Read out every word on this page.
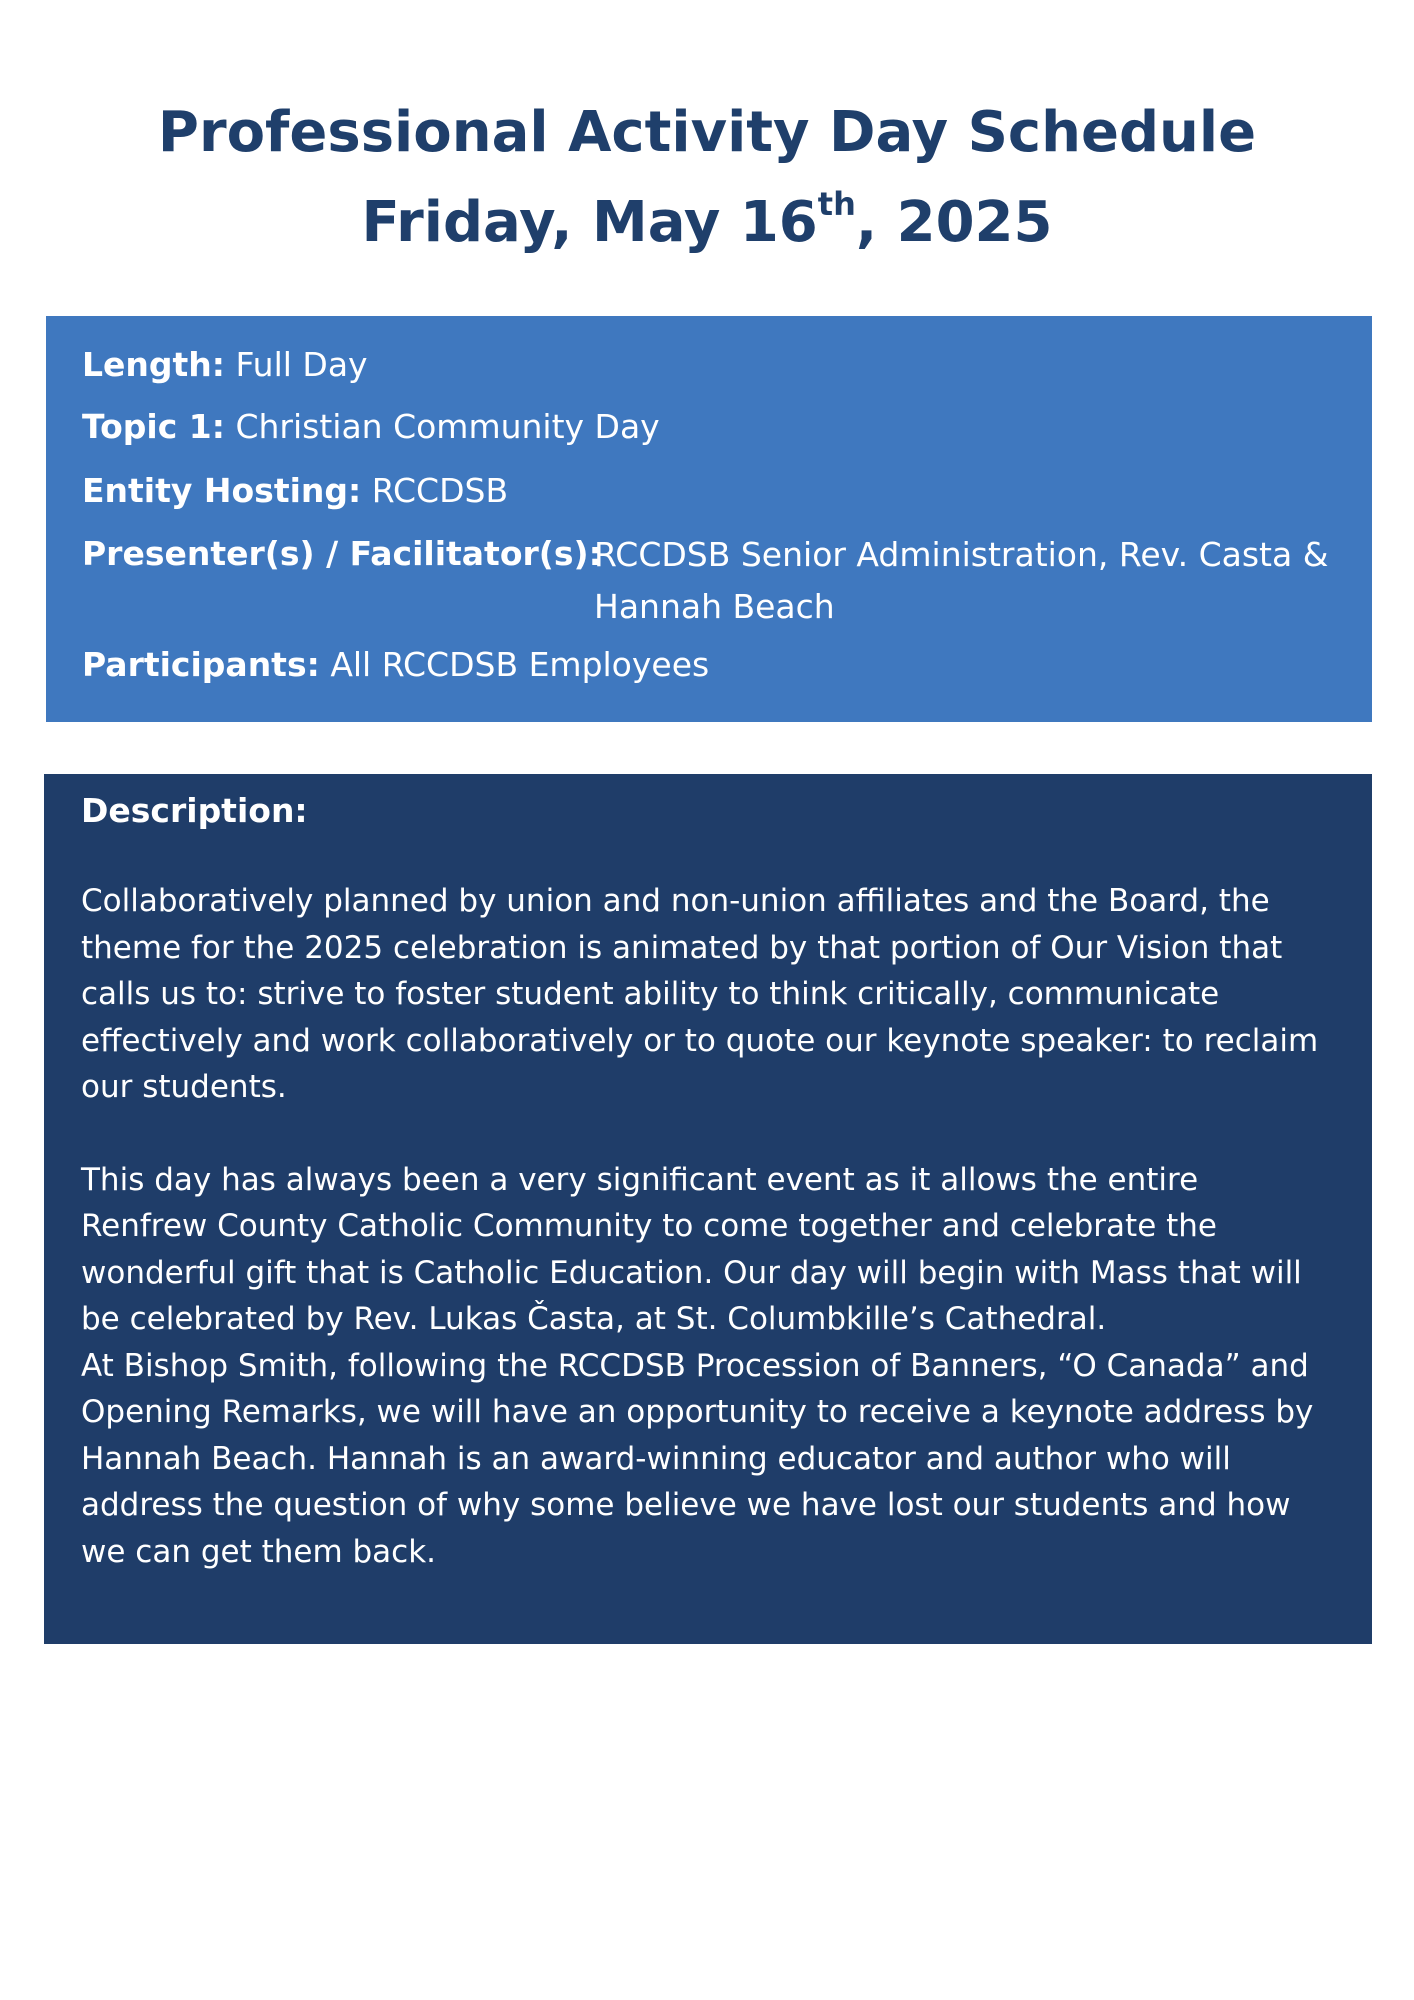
Professional Activity Day Schedule
Friday, May 16th, 2025
Length: Full Day
Topic 1: Christian Community Day
Entity Hosting: RCCDSB
Presenter(s) / Facilitator(s):
RCCDSB Senior Administration, Rev. Casta & Hannah Beach
Participants: All RCCDSB Employees

Description:

Collaboratively planned by union and non-union affiliates and the Board, the theme for the 2025 celebration is animated by that portion of Our Vision that calls us to: strive to foster student ability to think critically, communicate effectively and work collaboratively or to quote our keynote speaker: to reclaim our students.

This day has always been a very significant event as it allows the entire Renfrew County Catholic Community to come together and celebrate the wonderful gift that is Catholic Education. Our day will begin with Mass that will be celebrated by Rev. Lukas Časta, at St. Columbkille’s Cathedral.

At Bishop Smith, following the RCCDSB Procession of Banners, “O Canada” and Opening Remarks, we will have an opportunity to receive a keynote address by Hannah Beach. Hannah is an award-winning educator and author who will address the question of why some believe we have lost our students and how we can get them back.
